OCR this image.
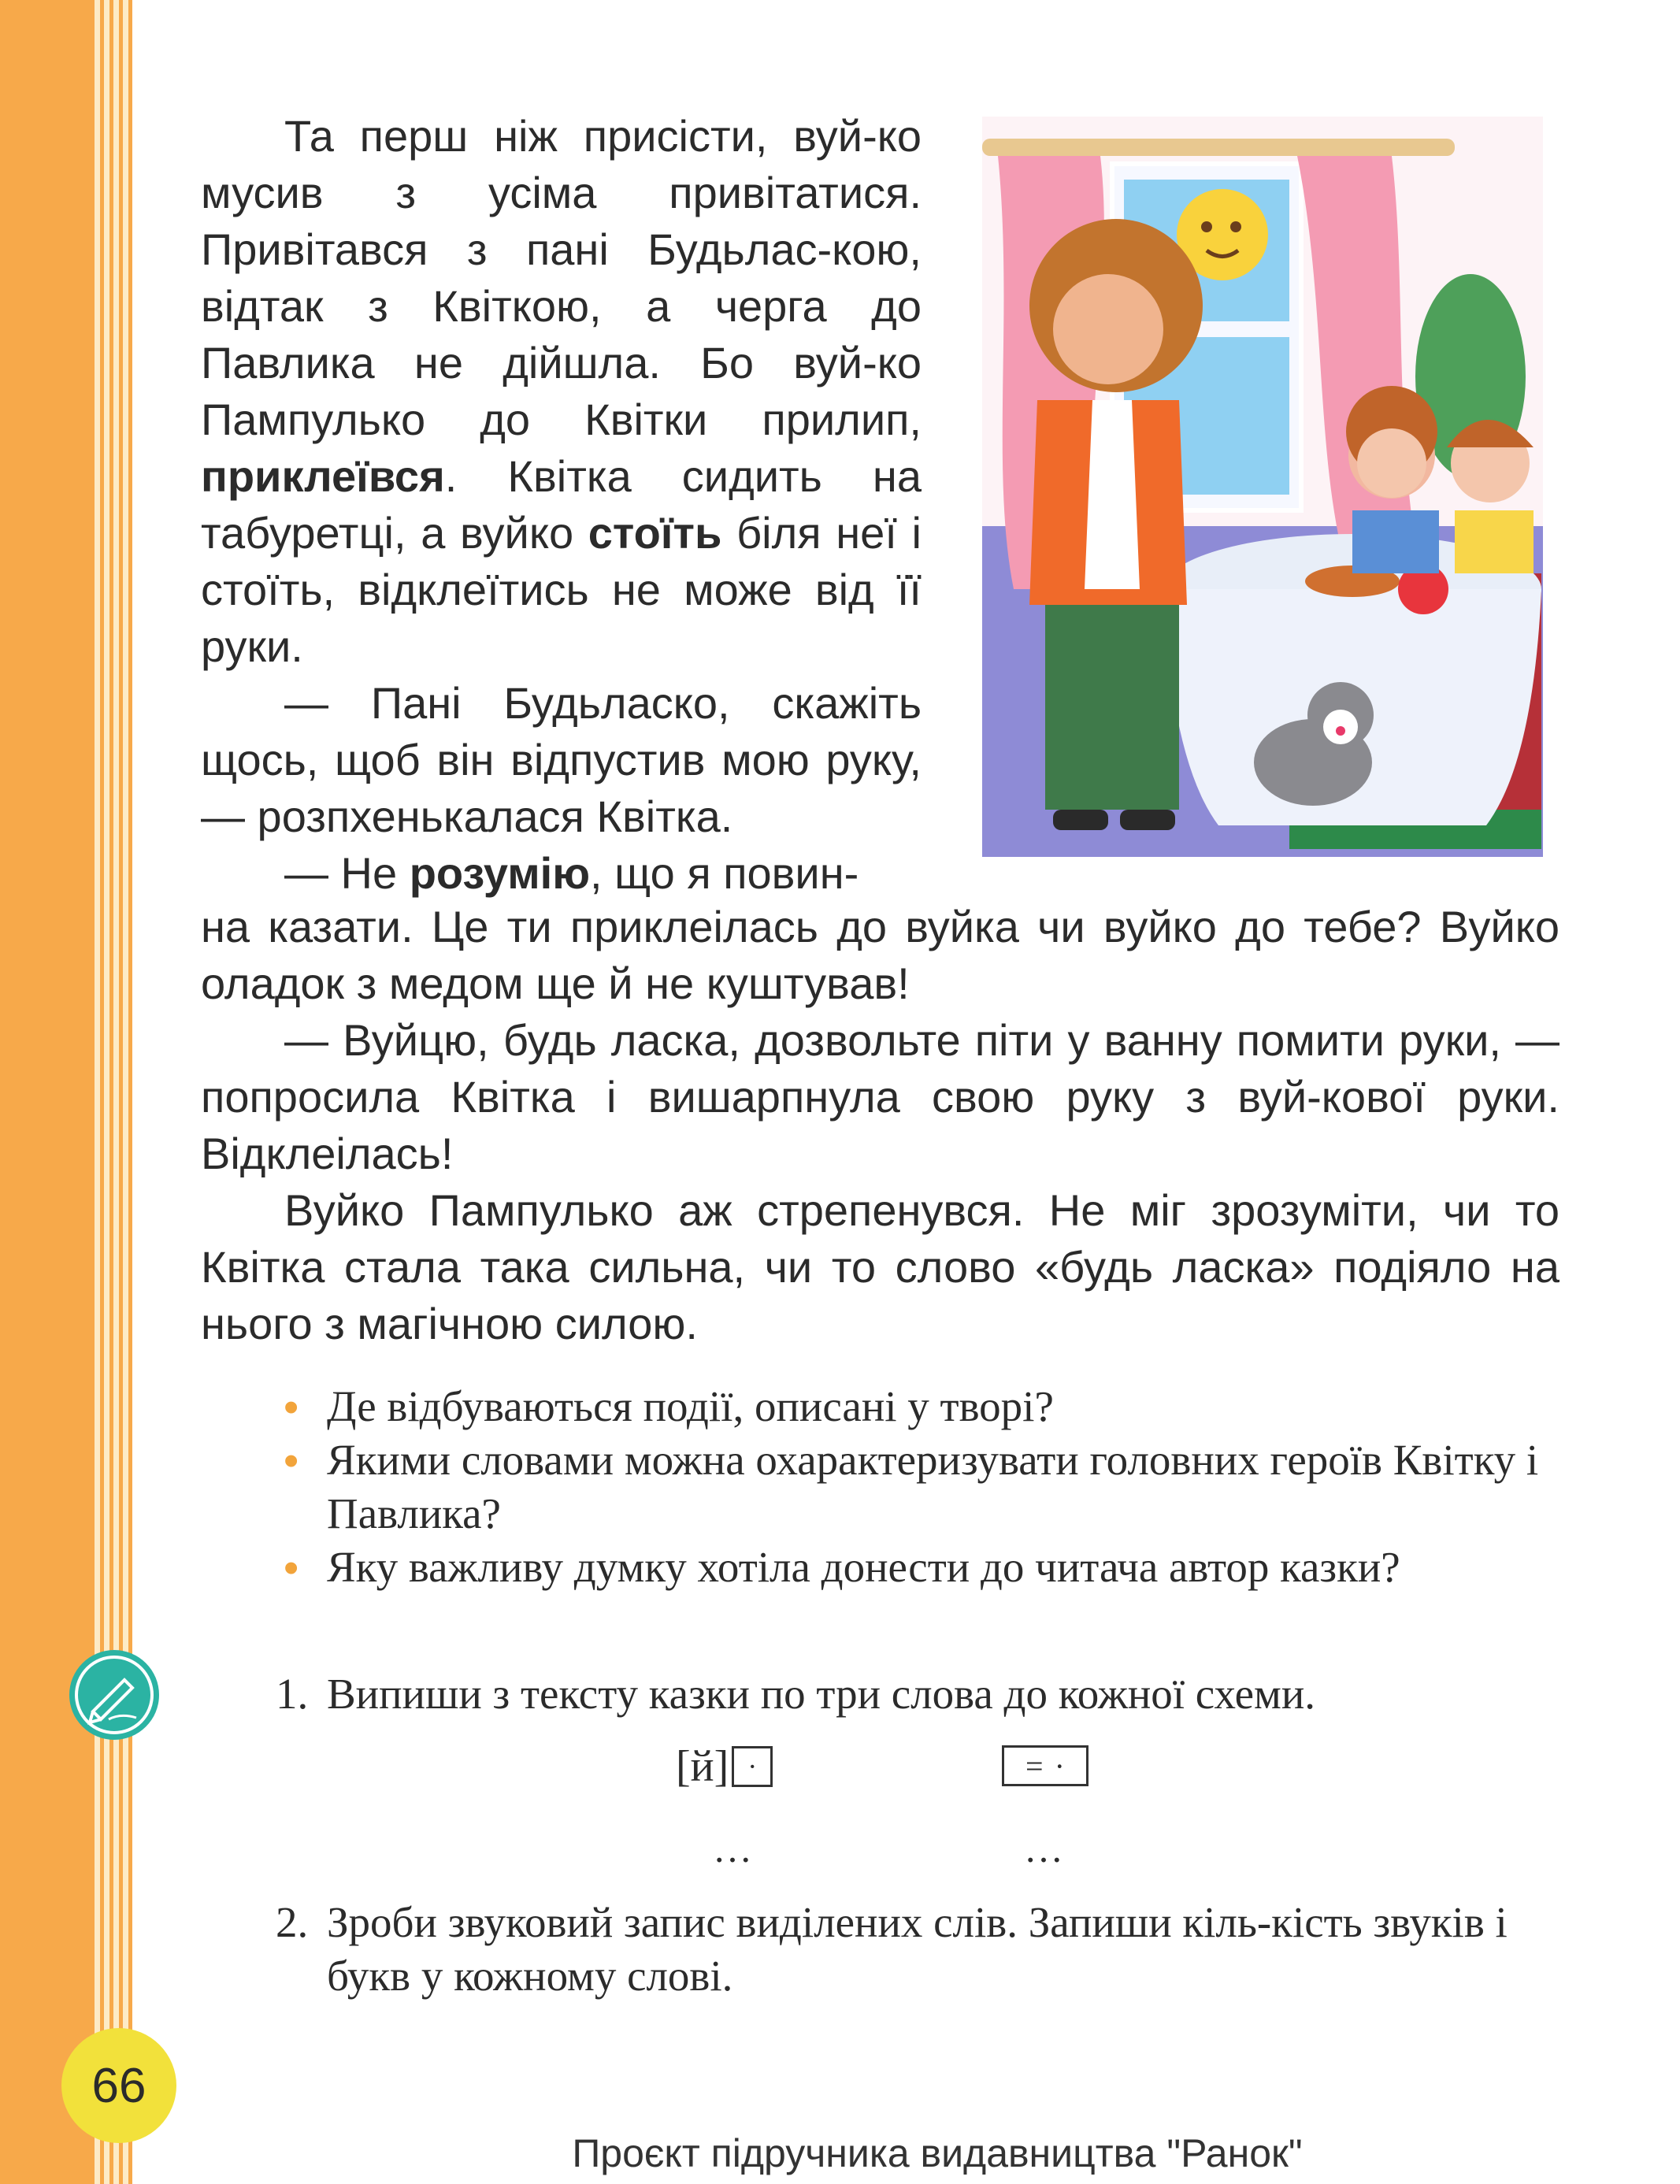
Та перш ніж присісти, вуй-ко мусив з усіма привітатися. Привітався з пані Будьлас-кою, відтак з Квіткою, а черга до Павлика не дійшла. Бо вуй-ко Пампулько до Квітки прилип, приклеївся. Квітка сидить на табуретці, а вуйко стоїть біля неї і стоїть, відклеїтись не може від її руки.

— Пані Будьласко, скажіть щось, щоб він відпустив мою руку, — розпхенькалася Квітка.

— Не розумію, що я повин-

на казати. Це ти приклеілась до вуйка чи вуйко до тебе? Вуйко оладок з медом ще й не куштував!

— Вуйцю, будь ласка, дозвольте піти у ванну помити руки, — попросила Квітка і вишарпнула свою руку з вуй-кової руки. Відклеілась!

Вуйко Пампулько аж стрепенувся. Не міг зрозуміти, чи то Квітка стала така сильна, чи то слово «будь ласка» подіяло на нього з магічною силою.

• Де відбуваються події, описані у творі?
• Якими словами можна охарактеризувати головних героїв Квітку і Павлика?
• Яку важливу думку хотіла донести до читача автор казки?
1. Випиши з тексту казки по три слова до кожної схеми.
[й] ·	= ·
…	…
2. Зроби звуковий запис виділених слів. Запиши кіль-кість звуків і букв у кожному слові.
66
Проєкт підручника видавництва "Ранок"
